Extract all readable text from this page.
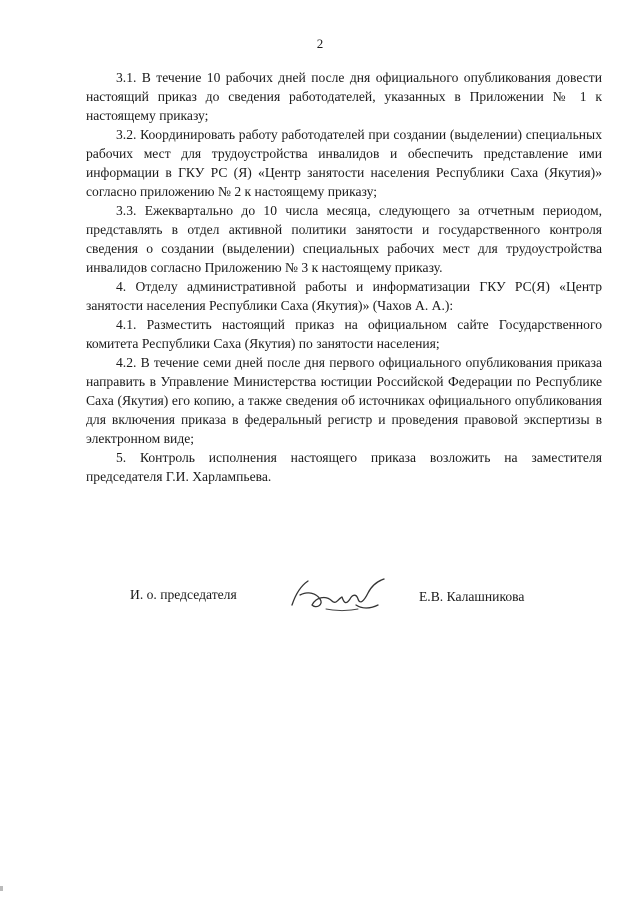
2

3.1. В течение 10 рабочих дней после дня официального опубликования довести настоящий приказ до сведения работодателей, указанных в Приложении № 1 к настоящему приказу;

3.2. Координировать работу работодателей при создании (выделении) специальных рабочих мест для трудоустройства инвалидов и обеспечить представление ими информации в ГКУ РС (Я) «Центр занятости населения Республики Саха (Якутия)» согласно приложению № 2 к настоящему приказу;

3.3. Ежеквартально до 10 числа месяца, следующего за отчетным периодом, представлять в отдел активной политики занятости и государственного контроля сведения о создании (выделении) специальных рабочих мест для трудоустройства инвалидов согласно Приложению № 3 к настоящему приказу.

4. Отделу административной работы и информатизации ГКУ РС(Я) «Центр занятости населения Республики Саха (Якутия)» (Чахов А. А.):

4.1. Разместить настоящий приказ на официальном сайте Государственного комитета Республики Саха (Якутия) по занятости населения;

4.2. В течение семи дней после дня первого официального опубликования приказа направить в Управление Министерства юстиции Российской Федерации по Республике Саха (Якутия) его копию, а также сведения об источниках официального опубликования для включения приказа в федеральный регистр и проведения правовой экспертизы в электронном виде;

5. Контроль исполнения настоящего приказа возложить на заместителя председателя Г.И. Харлампьева.

И. о. председателя	Е.В. Калашникова
